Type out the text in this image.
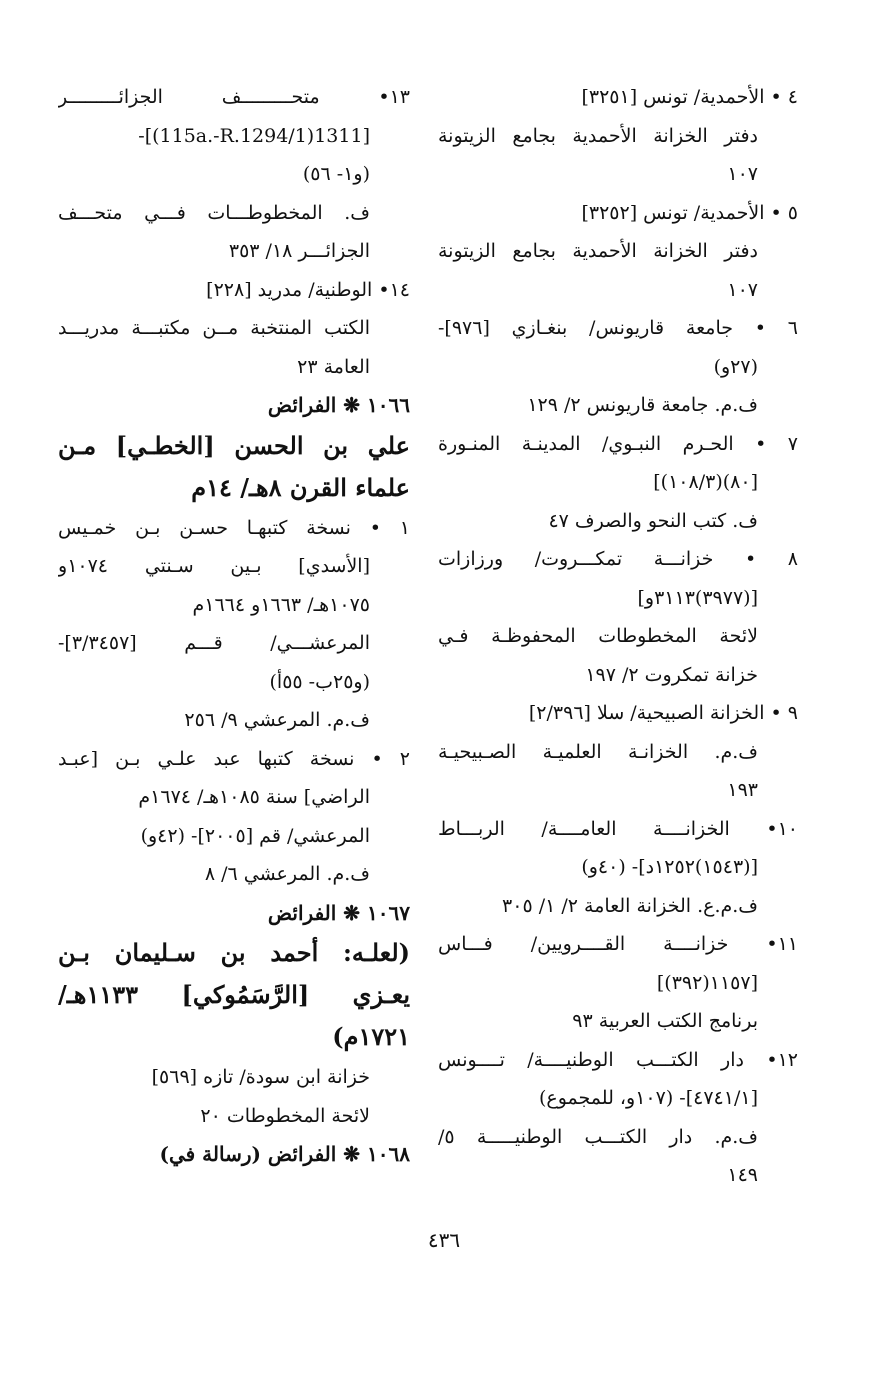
٤ • الأحمدية/ تونس [٣٢٥١]
دفتر الخزانة الأحمدية بجامع الزيتونة
١٠٧
٥ • الأحمدية/ تونس [٣٢٥٢]
دفتر الخزانة الأحمدية بجامع الزيتونة
١٠٧
٦ • جامعة قاريونس/ بنغـازي [٩٧٦]-
(٢٧و)
ف.م. جامعة قاريونس ٢/ ١٢٩
٧ • الحـرم النبـوي/ المدينـة المنـورة
[٨٠)(١٠٨/٣)]
ف. كتب النحو والصرف ٤٧
٨ • خزانـــة تمكـــروت/ ورزازات
[(٣٩٧٧)٣١١٣و]
لائحة المخطوطات المحفوظـة فـي
خزانة تمكروت ٢/ ١٩٧
٩ • الخزانة الصبيحية/ سلا [٢/٣٩٦]
ف.م. الخزانـة العلميـة الصـبيحيـة
١٩٣
١٠• الخزانــــة العامــــة/ الربـــاط
[(١٥٤٣)١٢٥٢د]- (٤٠و)
ف.م.ع. الخزانة العامة ٢/ ١/ ٣٠٥
١١• خزانــــة القــــرويين/ فـــاس
[١١٥٧(٣٩٢)]
برنامج الكتب العربية ٩٣
١٢• دار الكتـــب الوطنيــــة/ تــــونس
[٤٧٤١/١]- (١٠٧و، للمجموع)
ف.م. دار الكتـــب الوطنيـــــة ٥/
١٤٩
١٣• متحـــــــــف الجزائـــــــــر
[1311(115a.-R.1294/1)]-
(و١- ٥٦)
ف. المخطوطـــات فـــي متحـــف
الجزائـــر ١٨/ ٣٥٣
١٤• الوطنية/ مدريد [٢٢٨]
الكتب المنتخبة مــن مكتبـــة مدريـــد
العامة ٢٣
١٠٦٦ ❋ الفرائض
علي بن الحسن [الخطـي] مـن
علماء القرن ٨هـ/ ١٤م
١ • نسخة كتبهـا حسـن بـن خمـيس
[الأسدي] بـين سـنتي ١٠٧٤و
١٠٧٥هـ/ ١٦٦٣و ١٦٦٤م
المرعشـــي/ قـــم [٣/٣٤٥٧]-
(و٢٥ب- ٥٥أ)
ف.م. المرعشي ٩/ ٢٥٦
٢ • نسخة كتبها عبد علـي بـن [عبـد
الراضي] سنة ١٠٨٥هـ/ ١٦٧٤م
المرعشي/ قم [٢٠٠٥]- (٤٢و)
ف.م. المرعشي ٦/ ٨
١٠٦٧ ❋ الفرائض
(لعلـه: أحمد بن سـليمان بـن
يعـزي [الرَّسَمُوكي] ١١٣٣هـ/
١٧٢١م)
خزانة ابن سودة/ تازه [٥٦٩]
لائحة المخطوطات ٢٠
١٠٦٨ ❋ الفرائض (رسالة في)
٤٣٦
